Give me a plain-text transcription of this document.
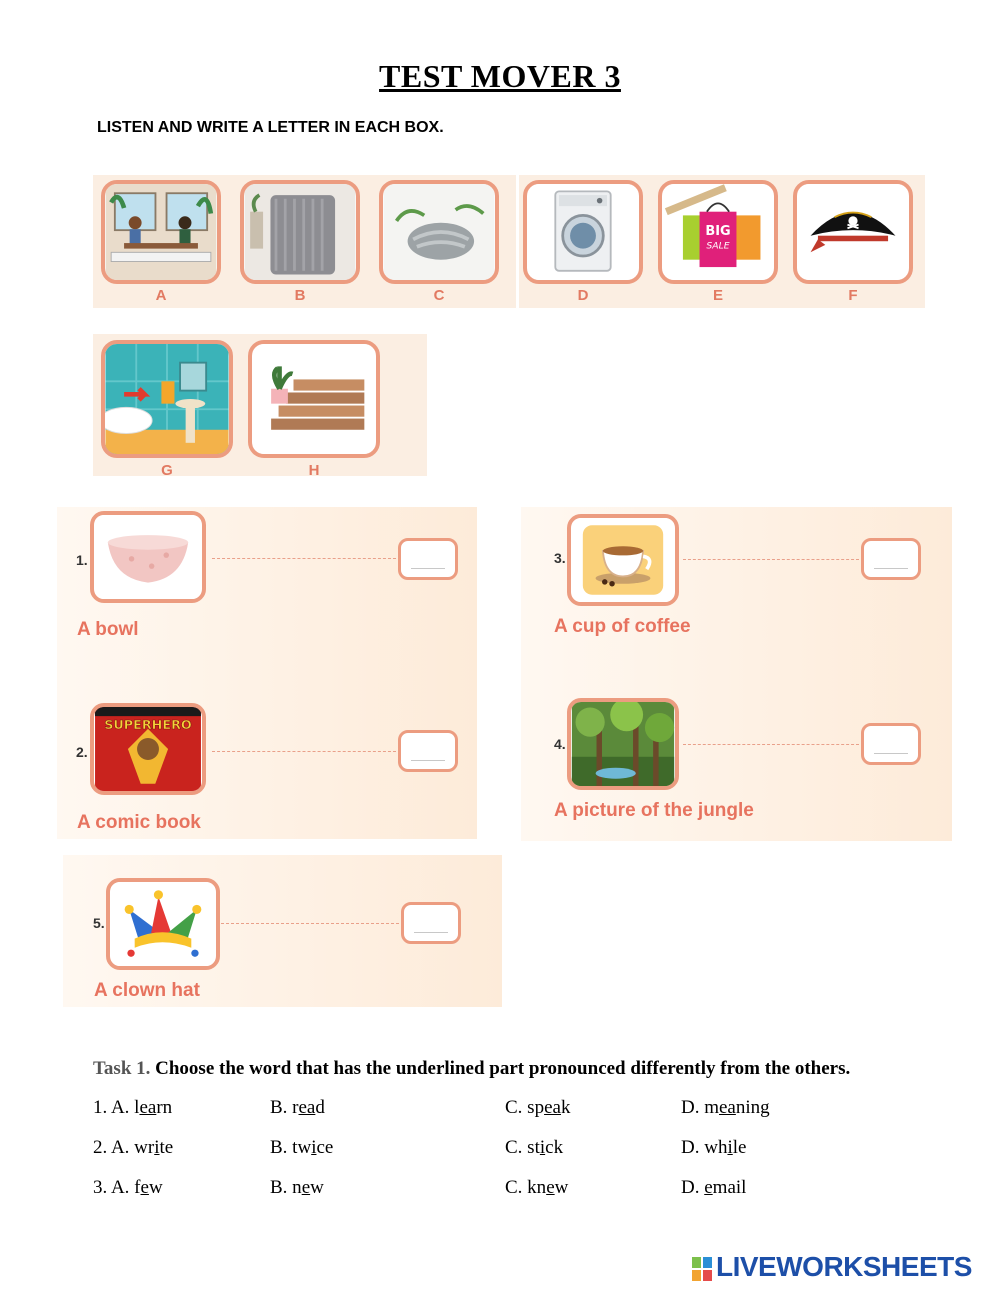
TEST MOVER 3
LISTEN AND WRITE A LETTER IN EACH BOX.
A	B	C
BIG
SALE
D	E	F
G	H
1.
A bowl
2.
SUPERHERO
A comic book
3.
A cup of coffee
4.
A picture of the jungle
5.
A clown hat
Task 1. Choose the word that has the underlined part pronounced differently from the others.
1. A. learn	B. read	C. speak	D. meaning
2. A. write	B. twice	C. stick	D. while
3. A. few	B. new	C. knew	D. email
LIVEWORKSHEETS
